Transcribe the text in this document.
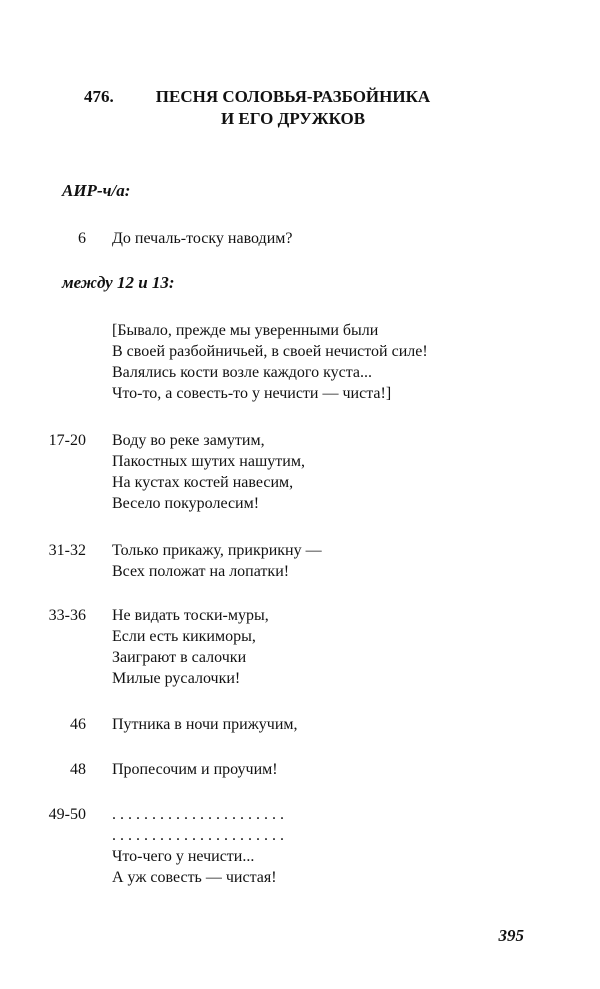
476.	ПЕСНЯ СОЛОВЬЯ-РАЗБОЙНИКА
И ЕГО ДРУЖКОВ
АИР-ч/а:
6 До печаль-тоску наводим?
между 12 и 13:
[Бывало, прежде мы уверенными были
В своей разбойничьей, в своей нечистой силе!
Валялись кости возле каждого куста...
Что-то, а совесть-то у нечисти — чиста!]
17-20 Воду во реке замутим,
Пакостных шутих нашутим,
На кустах костей навесим,
Весело покуролесим!
31-32 Только прикажу, прикрикну —
Всех положат на лопатки!
33-36 Не видать тоски-муры,
Если есть кикиморы,
Заиграют в салочки
Милые русалочки!
46 Путника в ночи прижучим,
48 Пропесочим и проучим!
49-50 ......................
......................
Что-чего у нечисти...
А уж совесть — чистая!
395
